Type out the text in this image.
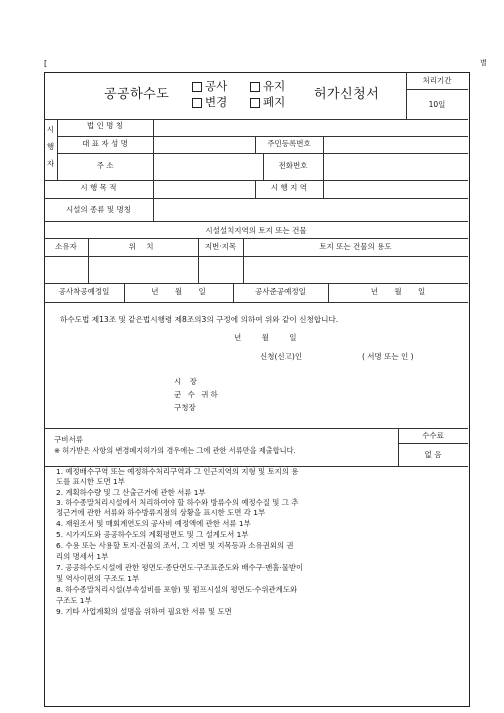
[	별
공공하수도
공사	유지
변경	폐지 허가신청서
처리기간
10일
시
행
자
법 인 명 칭
대 표 자 성 명	주민등록번호
주 소	전화번호
시 행 목 적	시 행 지 역
시설의 종류 및 명칭
시설설치지역의 토지 또는 건물
소유자	위 치	지번·지목	토지 또는 건물의 용도
공사착공예정일	년 월 일	공사준공예정일	년 월 일
하수도법 제13조 및 같은법시행령 제8조의3의 구정에 의하여 위와 같이 신청합니다.
년 월 일
신청(신고)인	( 서명 또는 인 )
시 장
군 수 귀하
구청장
구비서류
※ 허가받은 사항의 변경폐지허가의 경우에는 그에 관한 서류만을 제출합니다.
수수료
없 음
1. 예정배수구역 또는 예정하수처리구역과 그 인근지역의 지형 및 토지의 용
도를 표시한 도면 1부
2. 계획하수량 및 그 산출근거에 관한 서류 1부
3. 하수종말처리시설에서 처리하여야 할 하수와 방류수의 예정수질 및 그 추
정근거에 관한 서류와 하수방류지점의 상황을 표시한 도면 각 1부
4. 재원조서 및 매회계연도의 공사비 예정액에 관한 서류 1부
5. 시가지도와 공공하수도의 계획평면도 및 그 설계도서 1부
6. 수용 또는 사용할 토지·건물의 조서, 그 지번 및 지목등과 소유권외의 권
리의 명세서 1부
7. 공공하수도시설에 관한 평면도·종단면도·구조표준도와 배수구·맨홀·물받이
및 역사이펀의 구조도 1부
8. 하수종말처리시설(부속설비를 포함) 및 펌프시설의 평면도·수위관계도와
구조도 1부
9. 기타 사업계획의 설명을 위하여 필요한 서류 및 도면
